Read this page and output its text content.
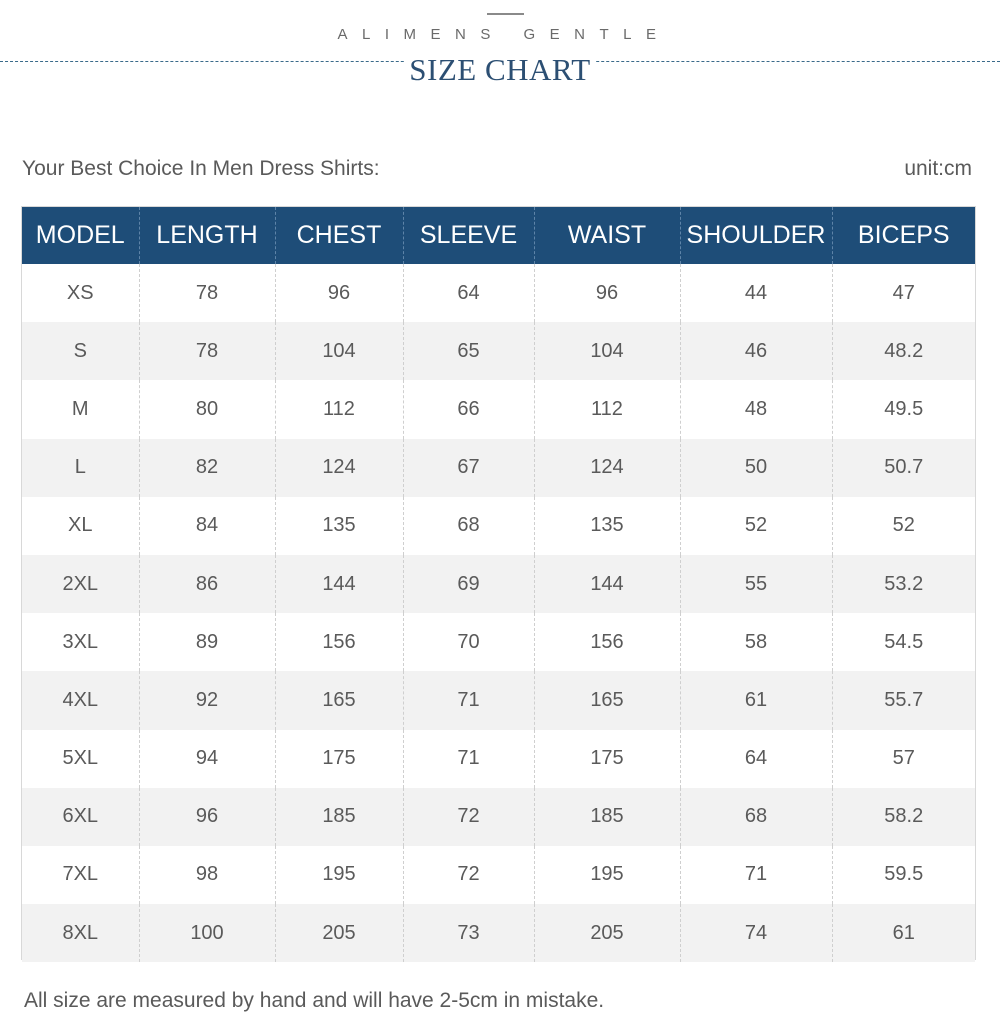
ALIMENS GENTLE
SIZE CHART
Your Best Choice In Men Dress Shirts:	unit:cm
MODEL	LENGTH	CHEST	SLEEVE	WAIST	SHOULDER	BICEPS
XS	78	96	64	96	44	47
S	78	104	65	104	46	48.2
M	80	112	66	112	48	49.5
L	82	124	67	124	50	50.7
XL	84	135	68	135	52	52
2XL	86	144	69	144	55	53.2
3XL	89	156	70	156	58	54.5
4XL	92	165	71	165	61	55.7
5XL	94	175	71	175	64	57
6XL	96	185	72	185	68	58.2
7XL	98	195	72	195	71	59.5
8XL	100	205	73	205	74	61
All size are measured by hand and will have 2-5cm in mistake.
